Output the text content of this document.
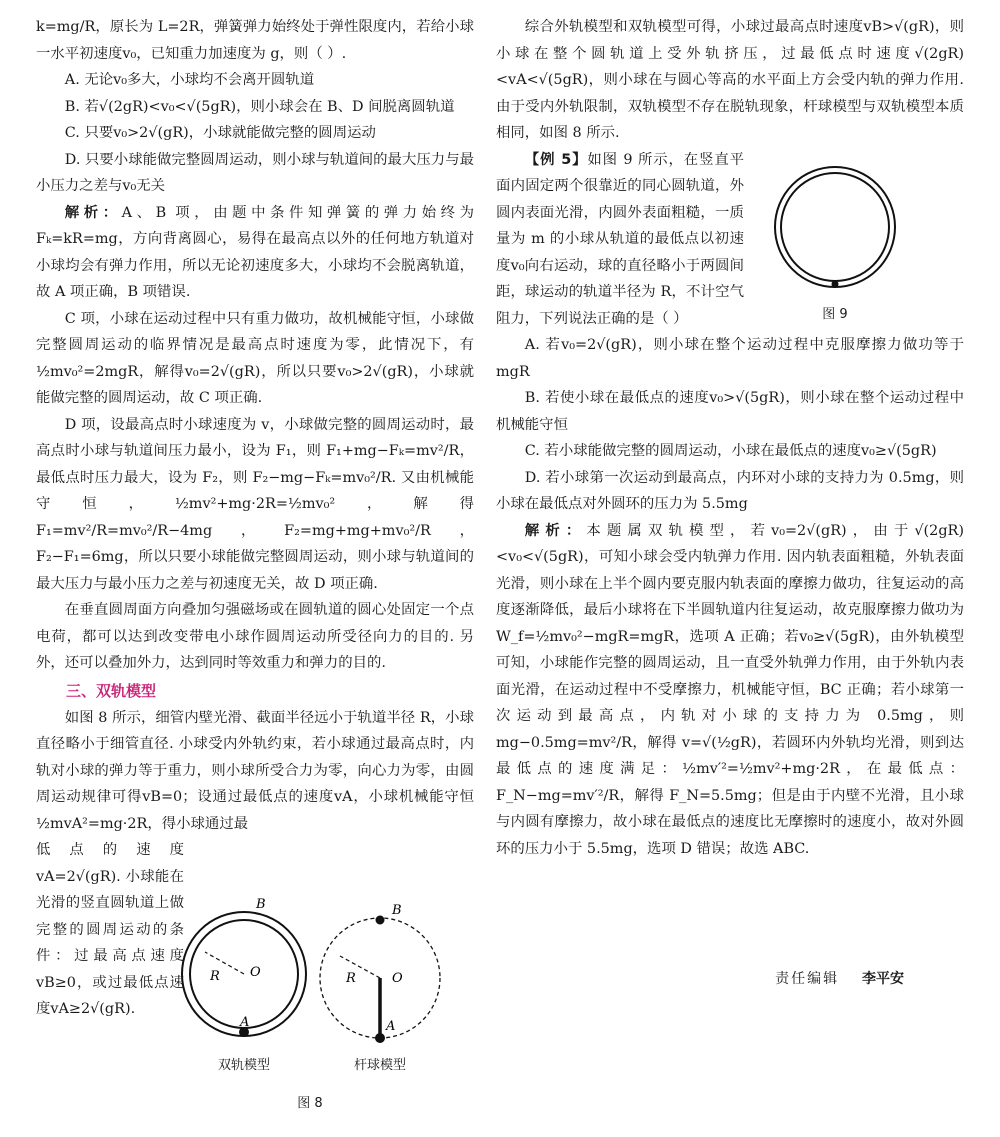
k=mg/R，原长为 L=2R，弹簧弹力始终处于弹性限度内，若给小球一水平初速度v₀，已知重力加速度为 g，则（ ）.

A. 无论v₀多大，小球均不会离开圆轨道

B. 若√(2gR)<v₀<√(5gR)，则小球会在 B、D 间脱离圆轨道

C. 只要v₀>2√(gR)，小球就能做完整的圆周运动

D. 只要小球能做完整圆周运动，则小球与轨道间的最大压力与最小压力之差与v₀无关

解析：A、B 项，由题中条件知弹簧的弹力始终为 Fₖ=kR=mg，方向背离圆心，易得在最高点以外的任何地方轨道对小球均会有弹力作用，所以无论初速度多大，小球均不会脱离轨道，故 A 项正确，B 项错误.

C 项，小球在运动过程中只有重力做功，故机械能守恒，小球做完整圆周运动的临界情况是最高点时速度为零，此情况下，有 ½mv₀²=2mgR，解得v₀=2√(gR)，所以只要v₀>2√(gR)，小球就能做完整的圆周运动，故 C 项正确.

D 项，设最高点时小球速度为 v，小球做完整的圆周运动时，最高点时小球与轨道间压力最小，设为 F₁，则 F₁+mg−Fₖ=mv²/R，最低点时压力最大，设为 F₂，则 F₂−mg−Fₖ=mv₀²/R. 又由机械能守恒，½mv²+mg·2R=½mv₀²，解得 F₁=mv²/R=mv₀²/R−4mg，F₂=mg+mg+mv₀²/R，F₂−F₁=6mg，所以只要小球能做完整圆周运动，则小球与轨道间的最大压力与最小压力之差与初速度无关，故 D 项正确.

在垂直圆周面方向叠加匀强磁场或在圆轨道的圆心处固定一个点电荷，都可以达到改变带电小球作圆周运动所受径向力的目的. 另外，还可以叠加外力，达到同时等效重力和弹力的目的.

三、双轨模型

如图 8 所示，细管内壁光滑、截面半径远小于轨道半径 R，小球直径略小于细管直径. 小球受内外轨约束，若小球通过最高点时，内轨对小球的弹力等于重力，则小球所受合力为零，向心力为零，由圆周运动规律可得vB=0；设通过最低点的速度vA，小球机械能守恒 ½mvA²=mg·2R，得小球通过最

低点的速度vA=2√(gR). 小球能在光滑的竖直圆轨道上做完整的圆周运动的条件：过最高点速度vB≥0，或过最低点速度vA≥2√(gR).

B
O
R
A
B
O
R
A
双轨模型	杆球模型
图 8

综合外轨模型和双轨模型可得，小球过最高点时速度vB>√(gR)，则小球在整个圆轨道上受外轨挤压，过最低点时速度√(2gR)<vA<√(5gR)，则小球在与圆心等高的水平面上方会受内轨的弹力作用. 由于受内外轨限制，双轨模型不存在脱轨现象，杆球模型与双轨模型本质相同，如图 8 所示.

【例 5】如图 9 所示，在竖直平面内固定两个很靠近的同心圆轨道，外圆内表面光滑，内圆外表面粗糙，一质量为 m 的小球从轨道的最低点以初速度v₀向右运动，球的直径略小于两圆间距，球运动的轨道半径为 R，不计空气阻力，下列说法正确的是（ ）

A. 若v₀=2√(gR)，则小球在整个运动过程中克服摩擦力做功等于 mgR

B. 若使小球在最低点的速度v₀>√(5gR)，则小球在整个运动过程中机械能守恒

C. 若小球能做完整的圆周运动，小球在最低点的速度v₀≥√(5gR)

D. 若小球第一次运动到最高点，内环对小球的支持力为 0.5mg，则小球在最低点对外圆环的压力为 5.5mg

解析：本题属双轨模型，若v₀=2√(gR)，由于√(2gR)<v₀<√(5gR)，可知小球会受内轨弹力作用. 因内轨表面粗糙，外轨表面光滑，则小球在上半个圆内要克服内轨表面的摩擦力做功，往复运动的高度逐渐降低，最后小球将在下半圆轨道内往复运动，故克服摩擦力做功为 W_f=½mv₀²−mgR=mgR，选项 A 正确；若v₀≥√(5gR)，由外轨模型可知，小球能作完整的圆周运动，且一直受外轨弹力作用，由于外轨内表面光滑，在运动过程中不受摩擦力，机械能守恒，BC 正确；若小球第一次运动到最高点，内轨对小球的支持力为 0.5mg，则 mg−0.5mg=mv²/R，解得 v=√(½gR)，若圆环内外轨均光滑，则到达最低点的速度满足：½mv′²=½mv²+mg·2R，在最低点：F_N−mg=mv′²/R，解得 F_N=5.5mg；但是由于内壁不光滑，且小球与内圆有摩擦力，故小球在最低点的速度比无摩擦时的速度小，故对外圆环的压力小于 5.5mg，选项 D 错误；故选 ABC.

图 9
责任编辑 李平安
